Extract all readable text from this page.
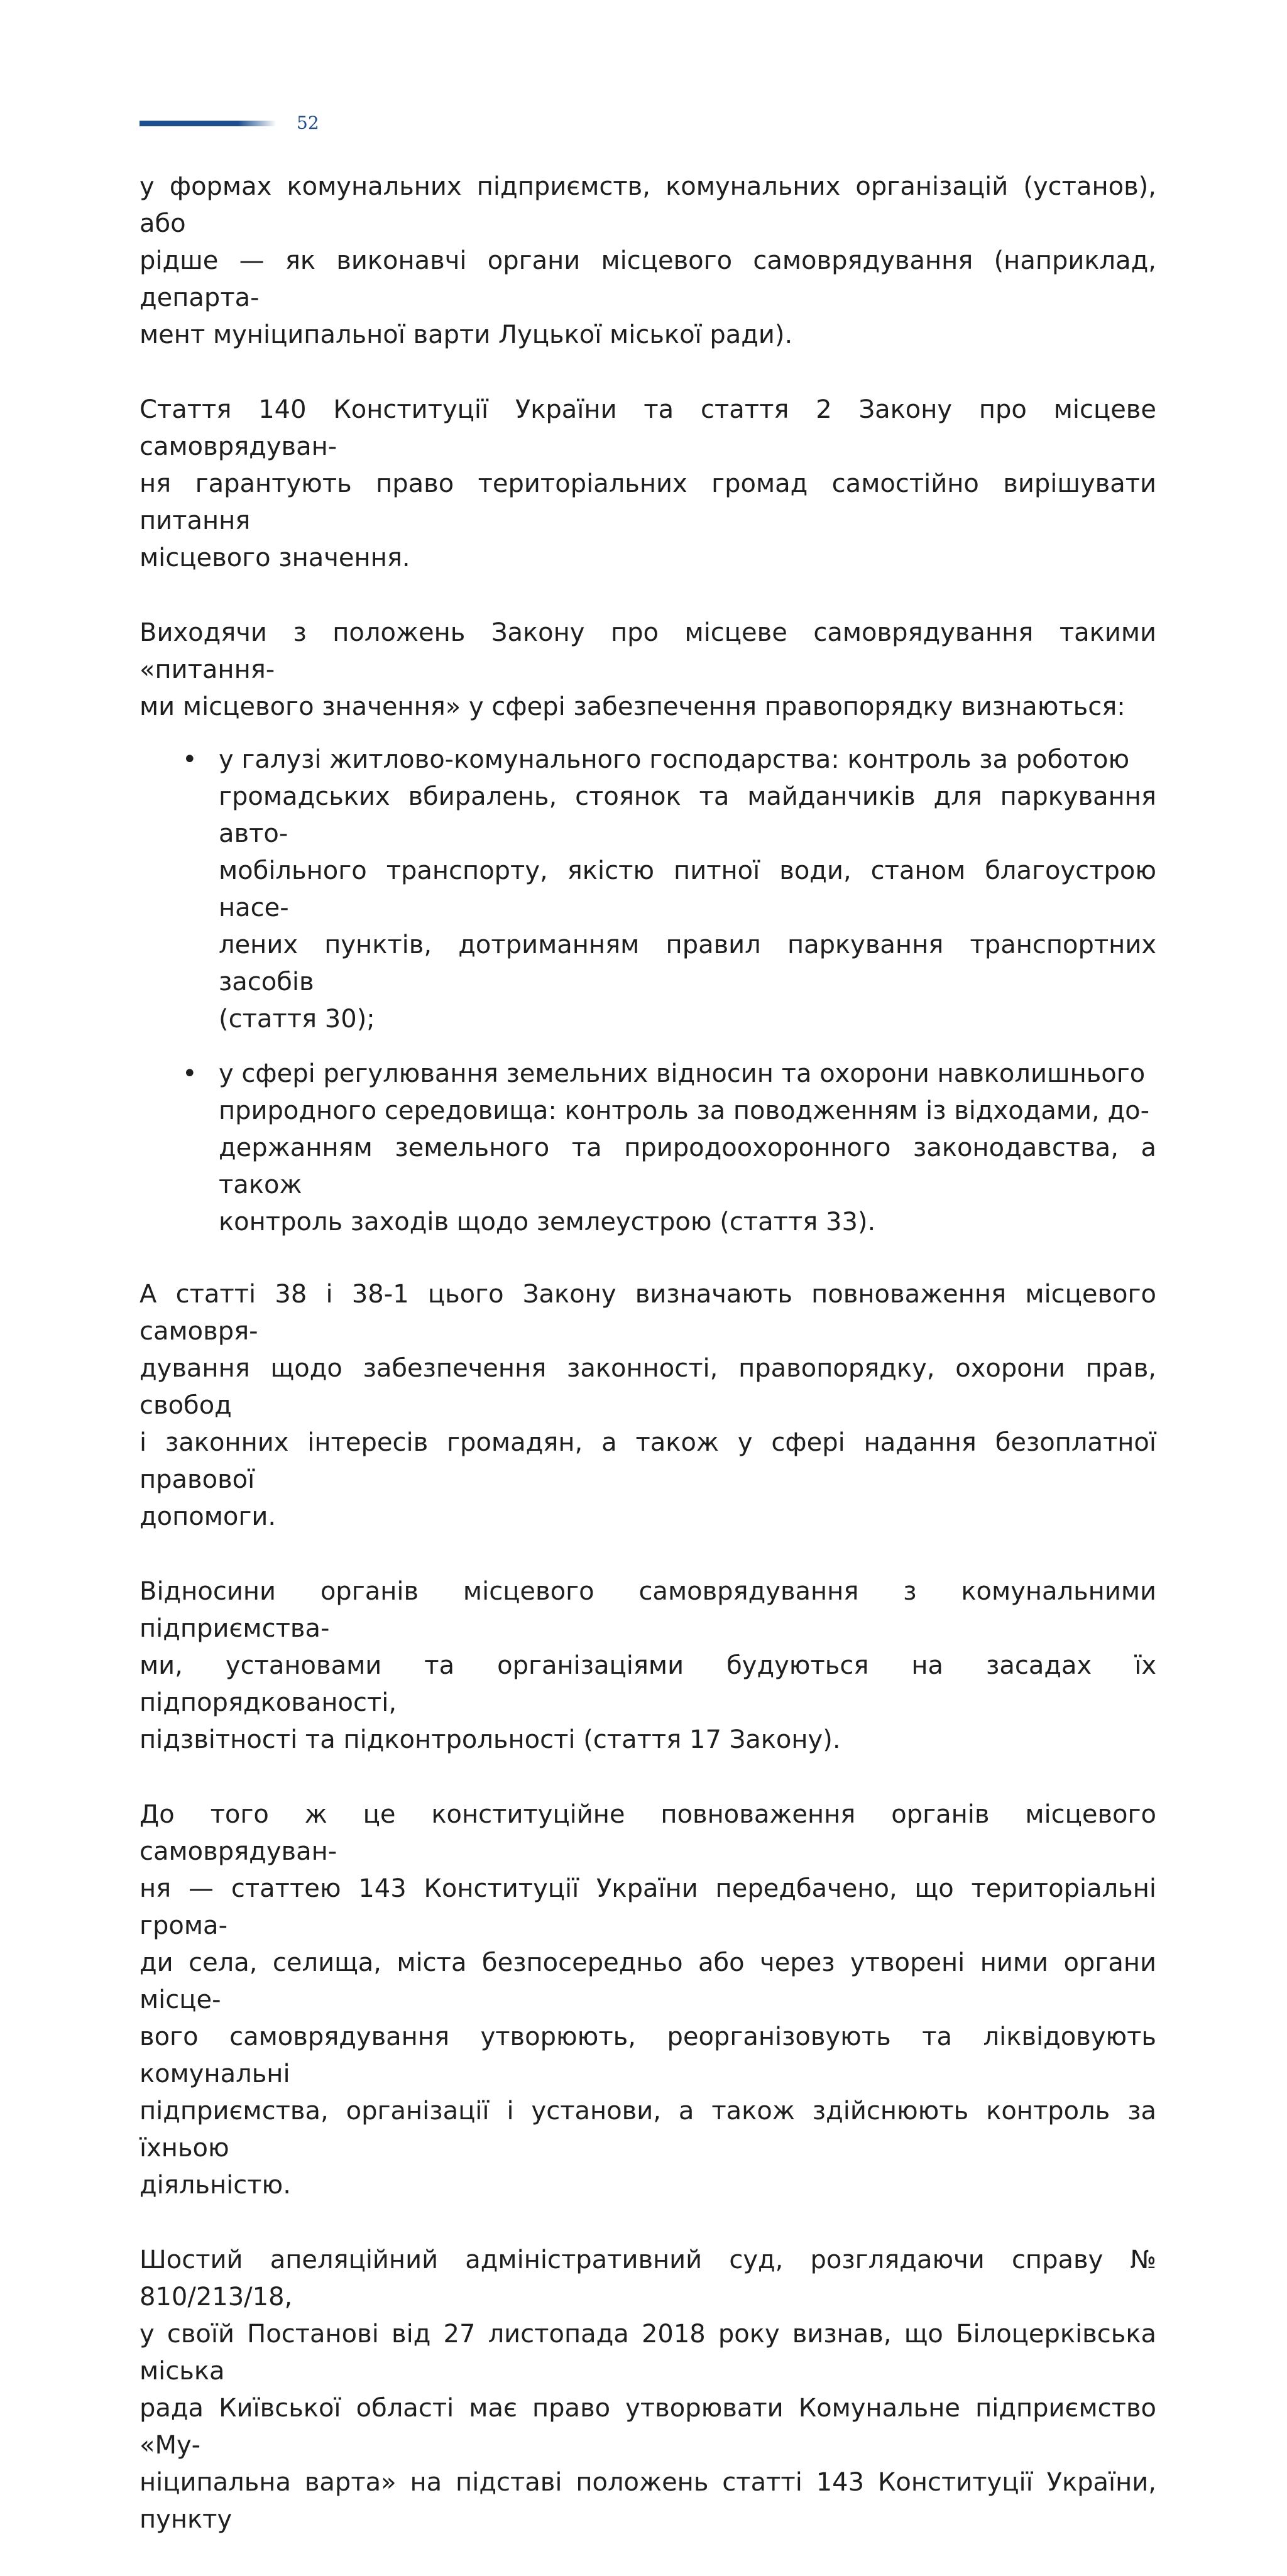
52

у формах комунальних підприємств, комунальних організацій (установ), або
рідше — як виконавчі органи місцевого самоврядування (наприклад, департа-
мент муніципальної варти Луцької міської ради).

Стаття 140 Конституції України та стаття 2 Закону про місцеве самоврядуван-
ня гарантують право територіальних громад самостійно вирішувати питання
місцевого значення.

Виходячи з положень Закону про місцеве самоврядування такими «питання-
ми місцевого значення» у сфері забезпечення правопорядку визнаються:

• у галузі житлово-комунального господарства: контроль за роботою
громадських вбиралень, стоянок та майданчиків для паркування авто-
мобільного транспорту, якістю питної води, станом благоустрою насе-
лених пунктів, дотриманням правил паркування транспортних засобів
(стаття 30);
• у сфері регулювання земельних відносин та охорони навколишнього
природного середовища: контроль за поводженням із відходами, до-
держанням земельного та природоохоронного законодавства, а також
контроль заходів щодо землеустрою (стаття 33).

А статті 38 і 38-1 цього Закону визначають повноваження місцевого самовря-
дування щодо забезпечення законності, правопорядку, охорони прав, свобод
і законних інтересів громадян, а також у сфері надання безоплатної правової
допомоги.

Відносини органів місцевого самоврядування з комунальними підприємства-
ми, установами та організаціями будуються на засадах їх підпорядкованості,
підзвітності та підконтрольності (стаття 17 Закону).

До того ж це конституційне повноваження органів місцевого самоврядуван-
ня — статтею 143 Конституції України передбачено, що територіальні грома-
ди села, селища, міста безпосередньо або через утворені ними органи місце-
вого самоврядування утворюють, реорганізовують та ліквідовують комунальні
підприємства, організації і установи, а також здійснюють контроль за їхньою
діяльністю.

Шостий апеляційний адміністративний суд, розглядаючи справу № 810/213/18,
у своїй Постанові від 27 листопада 2018 року визнав, що Білоцерківська міська
рада Київської області має право утворювати Комунальне підприємство «Му-
ніципальна варта» на підставі положень статті 143 Конституції України, пункту
